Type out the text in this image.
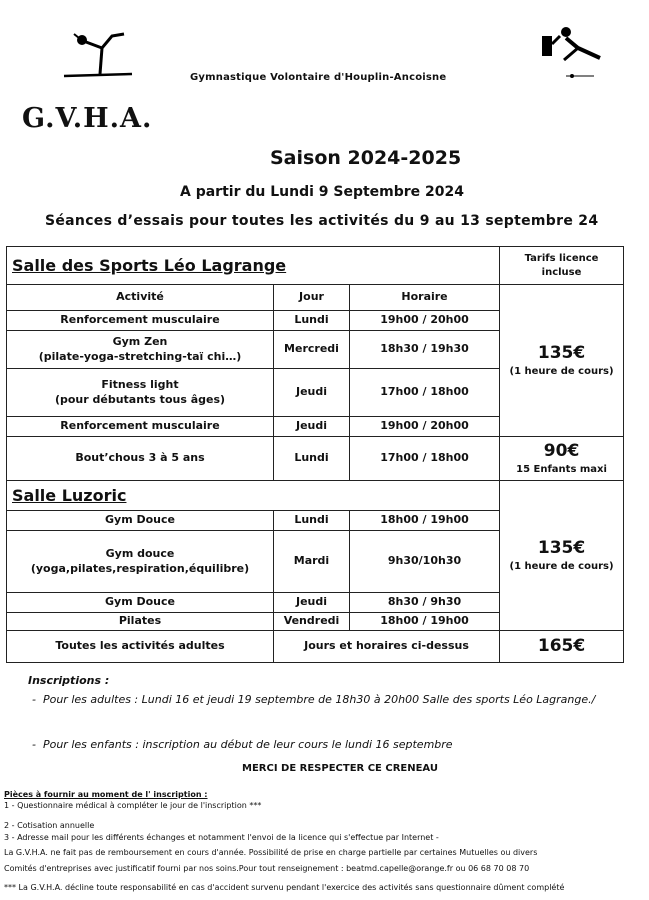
Gymnastique Volontaire d'Houplin-Ancoisne
G.V.H.A.
Saison 2024-2025
A partir du Lundi 9 Septembre 2024
Séances d’essais pour toutes les activités du 9 au 13 septembre 24
Salle des Sports Léo Lagrange			Tarifs licence incluse
Activité	Jour	Horaire	135€
(1 heure de cours)

Renforcement musculaire	Lundi	19h00 / 20h00	

Gym Zen
(pilate-yoga-stretching-taï chi…)	Mercredi	18h30 / 19h30	

Fitness light
(pour débutants tous âges)	Jeudi	17h00 / 18h00	
Renforcement musculaire	Jeudi	19h00 / 20h00	
Bout’chous 3 à 5 ans	Lundi	17h00 / 18h00	90€
15 Enfants maxi

Salle Luzoric			135€
(1 heure de cours)

Gym Douce	Lundi	18h00 / 19h00	

Gym douce
(yoga,pilates,respiration,équilibre)	Mardi	9h30/10h30	
Gym Douce	Jeudi	8h30 / 9h30	
Pilates	Vendredi	18h00 / 19h00	
Toutes les activités adultes	Jours et horaires ci-dessus		165€
Inscriptions :
-  Pour les adultes : Lundi 16 et jeudi 19 septembre de 18h30 à 20h00 Salle des sports Léo Lagrange./
-  Pour les enfants : inscription au début de leur cours le lundi 16 septembre
MERCI DE RESPECTER CE CRENEAU
Pièces à fournir au moment de l' inscription :
1 - Questionnaire médical à compléter le jour de l'inscription ***
2 - Cotisation annuelle
3 - Adresse mail pour les différents échanges et notamment l'envoi de la licence qui s'effectue par Internet -
La G.V.H.A. ne fait pas de remboursement en cours d'année. Possibilité de prise en charge partielle par certaines Mutuelles ou divers
Comités d'entreprises avec justificatif fourni par nos soins.Pour tout renseignement : beatmd.capelle@orange.fr ou 06 68 70 08 70
*** La G.V.H.A. décline toute responsabilité en cas d'accident survenu pendant l'exercice des activités sans questionnaire dûment complété
